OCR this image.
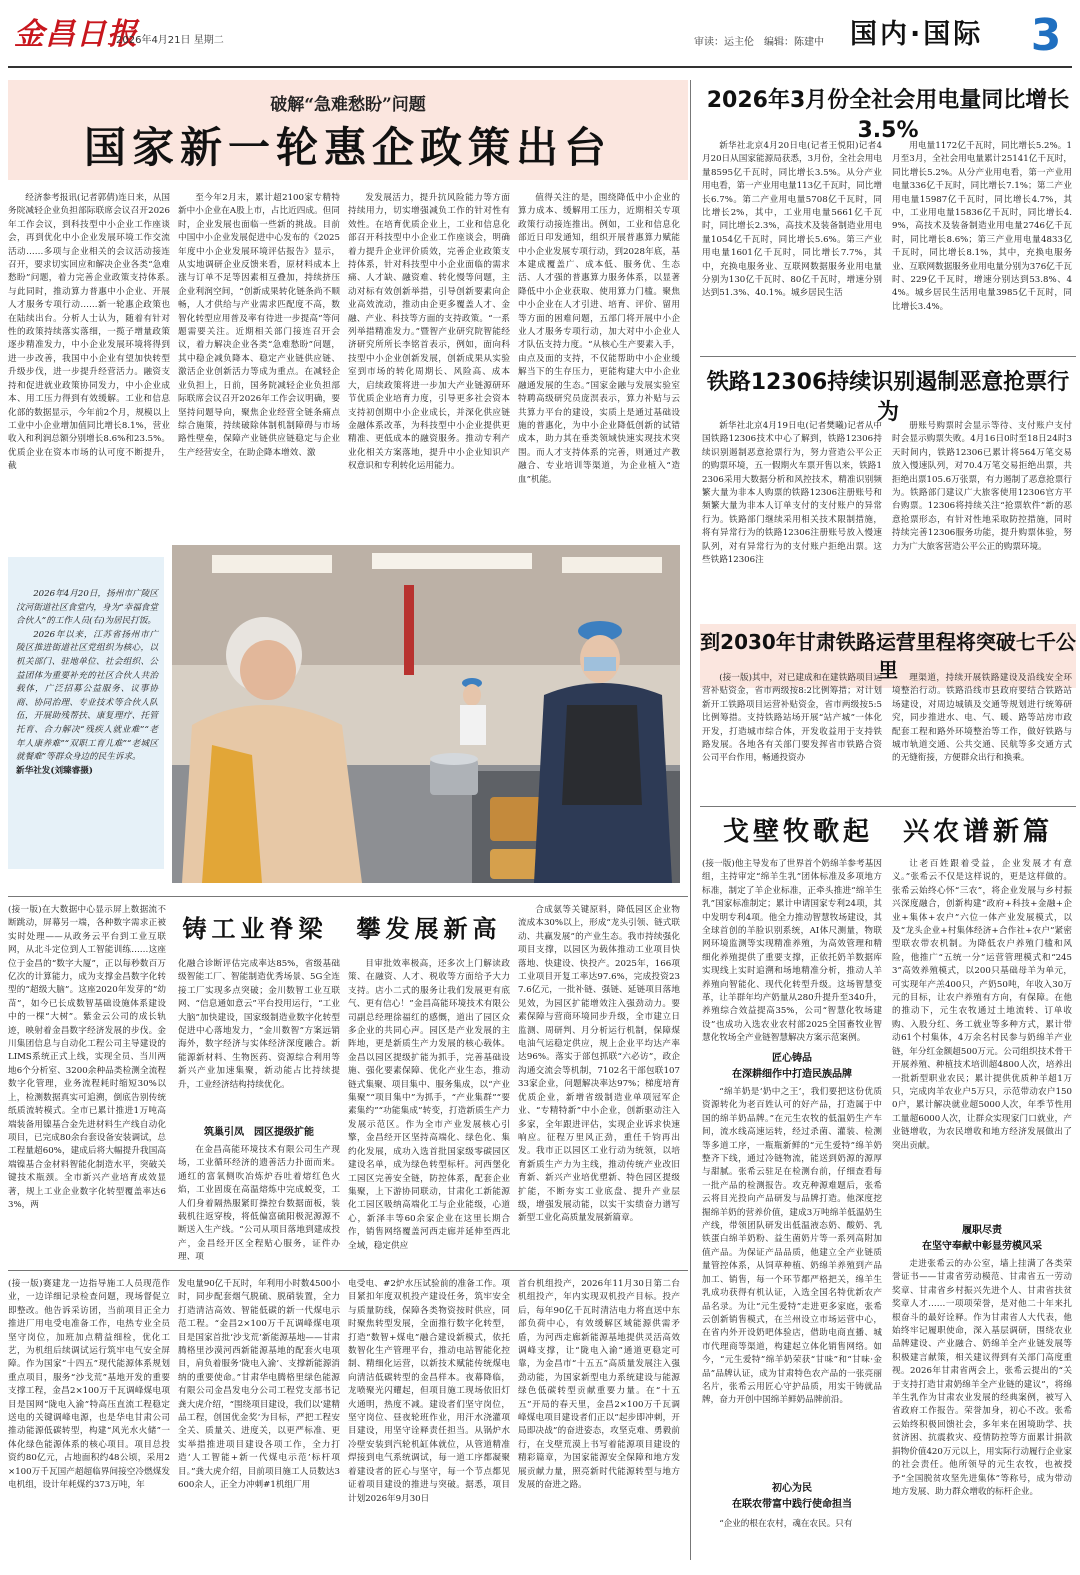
金昌日报
2026年4月21日 星期二	审读：运主伦　编辑：陈建中 国内·国际	3
破解“急难愁盼”问题
国家新一轮惠企政策出台

经济参考报讯(记者郭倩)连日来，从国务院减轻企业负担部际联席会议召开2026年工作会议，到科技型中小企业工作座谈会，再到优化中小企业发展环境工作交流活动……多项与企业相关的会议活动接连召开，要求切实回应和解决企业各类“急难愁盼”问题，着力完善企业政策支持体系。　　与此同时，推动算力普惠中小企业、开展人才服务专项行动……新一轮惠企政策也在陆续出台。分析人士认为，随着有针对性的政策持续落实落细，一揽子增量政策逐步精准发力，中小企业发展环境将得到进一步改善，我国中小企业有望加快转型升级步伐，进一步提升经营活力。融资支持和促进就业政策协同发力，中小企业成本、用工压力得到有效缓解。工业和信息化部的数据显示，今年前2个月，规模以上工业中小企业增加值同比增长8.1%，营业收入和利润总额分别增长8.6%和23.5%。优质企业在资本市场的认可度不断提升，截

至今年2月末，累计超2100家专精特新中小企业在A股上市，占比近四成。但同时，企业发展也面临一些新的挑战。目前中国中小企业发展促进中心发布的《2025年度中小企业发展环境评估报告》显示，从实地调研企业反馈来看，原材料成本上涨与订单不足等因素相互叠加，持续挤压企业利润空间，“创新成果转化链条尚不顺畅，人才供给与产业需求匹配度不高，数智化转型应用普及率有待进一步提高”等问题需要关注。近期相关部门接连召开会议，着力解决企业各类“急难愁盼”问题，其中稳企减负降本、稳定产业链供应链、激活企业创新活力等成为重点。在减轻企业负担上，日前，国务院减轻企业负担部际联席会议召开2026年工作会议明确，要坚持问题导向，聚焦企业经营全链条痛点综合施策，持续破除体制机制障碍与市场路性壁垒，保障产业链供应链稳定与企业生产经营安全，在助企降本增效、激

发发展活力，提升抗风险能力等方面持续用力，切实增强减负工作的针对性有效性。在培育优质企业上，工业和信息化部召开科技型中小企业工作座谈会，明确着力提升企业评价质效，完善企业政策支持体系，针对科技型中小企业面临的需求痛、人才缺、融资难、转化慢等问题，主动对标有效创新举措，引导创新要素向企业高效流动，推动由企更多覆盖人才、金融、产业、科技等方面的支持政策。“一系列举措精准发力。”暨智产业研究院智能经济研究所所长李铭首表示，例如，面向科技型中小企业创新发展，创新成果从实验室到市场的转化周期长、风险高、成本大，启续政策将进一步加大产业链源研环节优质企业培育力度，引导更多社会资本支持初创期中小企业成长，并深化供应链金融体系改革，为科技型中小企业提供更精准、更低成本的融资服务。推动专利产业化相关方案落地，提升中小企业知识产权意识和专利转化运用能力。

值得关注的是，围绕降低中小企业的算力成本、缓解用工压力，近期相关专项政策行动接连推出。例如，工业和信息化部近日印发通知，组织开展普惠算力赋能中小企业发展专项行动，到2028年底，基本建成覆盖广、成本低、服务优、生态活、人才强的普惠算力服务体系，以显著降低中小企业获取、使用算力门槛。聚焦中小企业在人才引进、培育、评价、留用等方面的困难问题，五部门将开展中小企业人才服务专项行动，加大对中小企业人才队伍支持力度。“从核心生产要素入手，由点及面的支持，不仅能帮助中小企业缓解当下的生存压力，更能构建大中小企业融通发展的生态。”国家金融与发展实验室特聘高级研究员庞溟表示，算力补贴与云共算力平台的建设，实质上是通过基础设施的普惠化，为中小企业降低创新的试错成本，助力其在垂类领域快速实现技术突围。而人才支持体系的完善，则通过产教融合、专业培训等渠道，为企业植入“造血”机能。

2026年3月份全社会用电量同比增长3.5%

新华社北京4月20日电(记者王悦阳)记者4月20日从国家能源局获悉，3月份，全社会用电量8595亿千瓦时，同比增长3.5%。从分产业用电看，第一产业用电量113亿千瓦时，同比增长6.7%。第二产业用电量5708亿千瓦时，同比增长2%，其中，工业用电量5661亿千瓦时，同比增长2.3%，高技术及装备制造业用电量1054亿千瓦时，同比增长5.6%。第三产业用电量1601亿千瓦时，同比增长7.7%，其中，充换电服务业、互联网数据服务业用电量分别为130亿千瓦时、80亿千瓦时，增速分别达到51.3%、40.1%。城乡居民生活

用电量1172亿千瓦时，同比增长5.2%。1月至3月，全社会用电量累计25141亿千瓦时，同比增长5.2%。从分产业用电看，第一产业用电量336亿千瓦时，同比增长7.1%；第二产业用电量15987亿千瓦时，同比增长4.7%，其中，工业用电量15836亿千瓦时，同比增长4.9%，高技术及装备制造业用电量2746亿千瓦时，同比增长8.6%；第三产业用电量4833亿千瓦时，同比增长8.1%，其中，充换电服务业、互联网数据服务业用电量分别为376亿千瓦时、229亿千瓦时，增速分别达到53.8%、44%。城乡居民生活用电量3985亿千瓦时，同比增长3.4%。

铁路12306持续识别遏制恶意抢票行为

新华社北京4月19日电(记者樊曦)记者从中国铁路12306技术中心了解到，铁路12306持续识别遏制恶意抢票行为，努力营造公平公正的购票环境，五一假期火车票开售以来，铁路12306采用大数据分析和风控技术，精准识别频繁大量为非本人购票的铁路12306注册账号和频繁大量为非本人订单支付的支付账户的异常行为。铁路部门继续采用相关技术限制措施，将有异常行为的铁路12306注册账号放入慢速队列，对有异常行为的支付账户拒绝出票。这些铁路12306注

册账号购票时会显示等待、支付账户支付时会显示购票失败。4月16日0时至18日24时3天时间内，铁路12306已累计将564万笔交易放入慢速队列，对70.4万笔交易拒绝出票，共拒绝出票105.6万张票，有力遏制了恶意抢票行为。铁路部门建议广大旅客使用12306官方平台购票。12306将持续关注“抢票软件”新的恶意抢票形态，有针对性地采取防控措施，同时持续完善12306服务功能，提升购票体验，努力为广大旅客营造公平公正的购票环境。

到2030年甘肃铁路运营里程将突破七千公里

(接一版)其中，对已建成和在建铁路项目运营补贴资金，省市两级按8:2比例筹措；对计划新开工铁路项目运营补贴资金，省市两级按5:5比例筹措。支持铁路站场开展“站产城”一体化开发，打造城市综合体，开发收益用于支持铁路发展。各地各有关部门要发挥省市铁路合资公司平台作用，畅通投资办

理渠道，持续开展铁路建设及沿线安全环境整治行动。铁路沿线市县政府要结合铁路站场建设，对周边城镇及交通等规划进行统筹研究，同步推进水、电、气、暖、路等站房市政配套工程和路外环境整治等工作，做好铁路与城市轨道交通、公共交通、民航等多交通方式的无缝衔接，方便群众出行和换乘。

2026年4月20日，扬州市广陵区汶河街道社区食堂内，身为“幸福食堂合伙人”的工作人员(右)为居民打饭。

2026年以来，江苏省扬州市广陵区推进街道社区党组织为核心，以机关部门、驻地单位、社会组织、公益团体为重要补充的社区合伙人共治载体，广泛招募公益服务、议事协商、协同治理、专业技术等合伙人队伍，开展助残帮扶、康复理疗、托管托育、合力解决“残疾人就业难”“老年人康养难”“双职工育儿难”“老城区就餐难”等群众身边的民生诉求。

新华社发(刘臻睿摄)

(接一版)在大数据中心显示屏上数据流不断跳动，屏幕另一端，各种数字需求正被实时处理——从政务云平台到工业互联网，从北斗定位到人工智能训练……这座位于金昌的“数字大厦”，正以每秒数百万亿次的计算能力，成为支撑金昌数字化转型的“超级大脑”。这座2020年发芽的“幼苗”，如今已长成数智基础设施体系建设中的一棵“大树”。紫金云公司的成长轨迹，映射着金昌数字经济发展的步伐。金川集团信息与自动化工程公司主导建设的LIMS系统正式上线，实现全员、当川两地6个分析室、3200余种品类检测全流程数字化管理，业务流程耗时缩短30%以上，检测数据真实可追溯，倒底告别传统纸质流转模式。全市已累计推进1万吨高端装备用镍基合金先进材料生产线自动化项目，已完成80余台套设备安装调试，总工程量超60%，建成后将大幅提升我国高端镍基合金材料智能化制造水平，突破关键技术瓶颈。全市新兴产业培育成效显著，规上工业企业数字化转型覆盖率达63%，两

铸工业脊梁　攀发展新高

化融合诊断评估完成率达85%，省级基础级智能工厂、智能制造优秀场景、5G全连接工厂实现多点突破；金川数智工业互联网、“信息通如意云”平台投用运行，“工业大脑”加快建设，国家级制造业数字化转型促进中心落地发力，“金川数智”方案远销海外，数字经济与实体经济深度融合。新能源新材料、生物医药、资源综合利用等新兴产业加速集聚，新动能占比持续提升，工业经济结构持续优化。

筑巢引凤　园区提级扩能

在金昌高能环境技术有限公司生产现场，工业循环经济的遗善活力扑面而来。通红的富氧侧吹冶炼炉吞吐着熔红色火焰，工业固废在高温熔炼中完成蜕变，工人们身着隔热服紧盯操控台数据面板，装载机往返穿梭，将低偏富硫阳极泥源源不断送入生产线。“公司从项目落地到建成投产，金昌经开区全程贴心服务，证件办理、项

目审批效率极高，还多次上门解读政策、在融资、人才、税收等方面给予大力支持。店小二式的服务让我们发展更有底气、更有信心！”金昌高能环境技术有限公司副总经理徐福红的感慨，道出了园区众多企业的共同心声。园区是产业发展的主阵地，更是新质生产力发展的核心载体。金昌以园区提级扩能为抓手，完善基础设施、强化要素保障、优化产业生态，推动链式集聚、项目集中、服务集成，以“产业集聚”“项目集中”为抓手，“产业集群”“要素集约”“功能集成”转变，打造新质生产力发展示范区。作为全市产业发展核心引擎，金昌经开区坚持高端化、绿色化、集约化发展，成功入选首批国家级零碳园区建设名单，成为绿色转型标杆。河西堡化工园区完善安全链，防控体系，配套企业集聚，上下游协同联动，甘肃化工新能源化工园区吸纳高端化工与企业能级，心道心，新泽丰等60余家企业在这里长期合作，销售网络覆盖河西走廊并延伸至西北全域，稳定供应

合成氨等关键原料，降低园区企业物流成本30%以上，形成“龙头引领、链式联动、共赢发展”的产业生态。我市持续强化项目支撑，以园区为载体推动工业项目快落地、快建设、快投产。2025年，166项工业项目开复工率达97.6%，完成投资237.6亿元，一批补链、强链、延链项目落地见效，为园区扩能增效注入强劲动力。要素保障与营商环境同步升级，全市建立日监测、周研判、月分析运行机制，保障煤电油气运稳定供应，规上企业平均达产率达96%。落实于部包抓联“六必访”，政企沟通交流会等机制，7102名干部包联10733家企业，问题解决率达97%；梯度培育优质企业，新增省级制造业单项冠军企业、“专精特新”中小企业，创新驱动注入多家，全年跟进评估，实现企业诉求快速响应。征程万里风正劲，重任千钧再出发。我市正以园区工业行动为统领，以培育新质生产力为主线，推动传统产业改旧育新、新兴产业培优塑新、特色园区提级扩能，不断夯实工业底盘、提升产业层级，增强发展动能，以实干实绩奋力谱写新型工业化高质量发展新篇章。

(接一版)赛建龙一边指导施工人员现范作业，一边详细记录检查问题，现场督促立即整改。他告诉采访团，当前项目正全力推进厂用电受电准备工作，电热专业全员坚守岗位，加班加点精益细检，优化工艺，为机组后续调试运行筑牢电气安全屏障。作为国家“十四五”现代能源体系规划重点项目，服务“沙戈荒”基地开发的重要支撑工程，金昌2×100万千瓦调峰煤电项目是国网“陇电入渝”特高压直流工程稳定送电的关键调峰电源，也是华电甘肃公司推动能源低碳转型，构建“风光水火储”一体化绿色能源体系的核心项目。项目总投资约80亿元，占地面积约48公顷，采用2×100万千瓦国产超超临界间接空冷燃煤发电机组，设计年耗煤约373万吨，年

发电量90亿千瓦时，年利用小时数4500小时，同步配套烟气脱硫、脱硝装置，全力打造清洁高效、智能低碳的新一代煤电示范工程。“金昌2×100万千瓦调峰煤电项目是国家首批‘沙戈荒’新能源基地——甘肃腾格里沙漠河西新能源基地的配套火电项目，肩负着服务‘陇电入渝’、支撑新能源消纳的重要使命。”甘肃华电腾格里绿色能源有限公司金昌发电分公司工程党支部书记龚大虎介绍，“围绕项目建设，我们以‘建精品工程，创国优金奖’为目标，严把工程安全关、质量关、进度关，以更严标准、更实举措推进项目建设各项工作，全力打造‘人工智能+新一代煤电示范’标杆项目。”龚大虎介绍，目前项目施工人员数达3600余人，正全力冲刺#1机组厂用

电受电、#2炉水压试验前的准备工作。项目紧扣年度双机投产建设任务，筑牢安全与质量防线，保障各类物资按时供应，同时聚焦转型发展，全面推行数字化转型，打造“数智+煤电”融合建设新模式，依托数智化生产管理平台，推动电站智能化控制、精细化运营，以新技术赋能传统煤电向清洁低碳转型的金昌样本。夜幕降临，龙喷聚光闪耀起，但项目施工现场依旧灯火通明，热度不减。建设者们坚守岗位，坚守岗位、昼夜轮班作业，用汗水浇灌项目建设，用坚守诠释责任担当。从锅炉水冷壁安装到汽轮机缸体就位，从管道精准焊接到电气系统调试，每一道工序都凝聚着建设者的匠心与坚守，每一个节点都见证着项目建设的推进与突破。据悉，项目计划2026年9月30日

首台机组投产，2026年11月30日第二台机组投产，年内实现双机投产目标。投产后，每年90亿千瓦时清洁电力将直送中东部负荷中心，有效缓解区域能源供需矛盾，为河西走廊新能源基地提供灵活高效调峰支撑，让“陇电入渝”通道更稳定可靠，为金昌市“十五五”高质量发展注入强劲动能，为国家新型电力系统建设与能源绿色低碳转型贡献重要力量。在“十五五”开局的春天里，金昌2×100万千瓦调峰煤电项目建设者们正以“起步即冲刺，开局即决战”的奋进姿态，攻坚克难、勇毅前行，在戈壁荒漠上书写着能源项目建设的精彩篇章，为国家能源安全保障和地方发展贡献力量，照亮新时代能源转型与地方发展的奋进之路。

戈壁牧歌起　兴农谱新篇

(接一版)他主导发布了世界首个奶绵羊参考基因组，主持审定“绵羊生乳”团体标准及多项地方标准，制定了羊企业标准，正牵头推进“绵羊生乳”国家标准制定；累计申请国家专利24项，其中发明专利4项。他全力推动智慧牧场建设，其全球首创的羊脸识别系统，AI体尺测量，物联网环境监测等实现精准养殖，为高效管理和精细化养殖提供了重要支撑，正依托奶羊数据库实现线上实时追溯和场地精准分析，推动人羊养殖向智能化、现代化转型升级。这场智慧变革，让羊群年均产奶量从280升提升至340升，养殖综合效益提高35%，公司“智慧化牧场建设”也成功入选农业农村部2025全国畜牧业智慧化牧场全产业链智慧解决方案示范案例。

匠心铸品
在深耕细作中打造民族品牌

“绵羊奶是‘奶中之王’，我们要把这份优质资源转化为老百姓认可的好产品，打造属于中国的绵羊奶品牌。”在元生农牧的低温奶生产车间，流水线高速运转，经过杀菌、灌装、检测等多道工序，一瓶瓶新鲜的“元生爱特”绵羊奶整齐下线，通过冷链物流，能送到奶源的源厚与甜腻。张希云驻足在检测台前，仔细查看每一批产品的检测报告。攻克种源难题后，张希云将目光投向产品研发与品牌打造。他深度挖掘绵羊奶的营养价值，建成3万吨绵羊低温奶生产线，带领团队研发出低温液态奶、酸奶、乳铁蛋白绵羊奶粉、益生菌奶片等一系列高附加值产品。为保证产品品质，他建立全产业链质量管控体系，从饲草种植、奶绵羊养殖到产品加工、销售，每一个环节都严格把关，绵羊生乳成功获得有机认证，入选全国名特优新农产品名录。为让“元生爱特”走进更多家庭，张希云创新销售模式，在兰州设立市场运营中心，在省内外开设奶吧体验店，借助电商直播、城市代理商等渠道，构建起立体化销售网络。如今，“元生爱特”绵羊奶荣获“甘味”和“甘味·金品”品牌认证，成为甘肃特色农产品的一张亮丽名片，张希云用匠心守护品质，用实干铸就品牌，奋力开创中国绵羊鲜奶品牌前沿。

初心为民
在联农带富中践行使命担当

“企业的根在农村，魂在农民。只有

让老百姓跟着受益，企业发展才有意义。”张希云不仅是这样说的，更是这样做的。张希云始终心怀“三农”，将企业发展与乡村振兴深度融合，创新构建“政府+科技+金融+企业+集体+农户”六位一体产业发展模式，以及“龙头企业+村集体经济+合作社+农户”紧密型联农带农机制。为降低农户养殖门槛和风险，他推广“五统一分”运营管理模式和“2453”高效养殖模式，以200只基础母羊为单元，可实现年产羔400只，产奶50吨，年收入30万元的目标，让农户养殖有方向，有保障。在他的推动下，元生农牧通过土地流转、订单收购、入股分红、务工就业等多种方式，累计带动61个村集体，4万余名村民参与奶绵羊产业链，年分红金额超500万元。公司组织技术骨干开展养殖、种植技术培训超4800人次，培养出一批新型职业农民；累计提供优质种羊超1万只，完成肉羊农业户5万只，示范带动农户1500户，累计解决就业超5000人次，年季节性用工量超6000人次，让群众实现家门口就业，产业链增收，为农民增收和地方经济发展做出了突出贡献。

履职尽责
在坚守奉献中彰显劳模风采

走进张希云的办公室，墙上挂满了各类荣誉证书——甘肃省劳动模范、甘肃省五一劳动奖章、甘肃省乡村振兴先进个人、甘肃省扶贫奖章人才……一项项荣誉，是对他二十年来扎根奋斗的最好诠释。作为甘肃省人大代表，他始终牢记履职使命，深入基层调研，围绕农业品牌建设、产业融合、奶绵羊全产业链发展等积极建言献策，相关建议得到有关部门高度重视。2026年甘肃省两会上，张希云提出的“关于支持打造甘肃奶绵羊全产业链的建议”，将绵羊生乳作为甘肃农业发展的经典案例，被写入省政府工作报告。荣誉加身，初心不改。张希云始终积极回馈社会，多年来在困境助学、扶贫济困、抗震救灾、疫情防控等方面累计捐款捐物价值420万元以上，用实际行动履行企业家的社会责任。他所领导的元生农牧，也被授予“全国脱贫攻坚先进集体”等称号，成为带动地方发展、助力群众增收的标杆企业。
